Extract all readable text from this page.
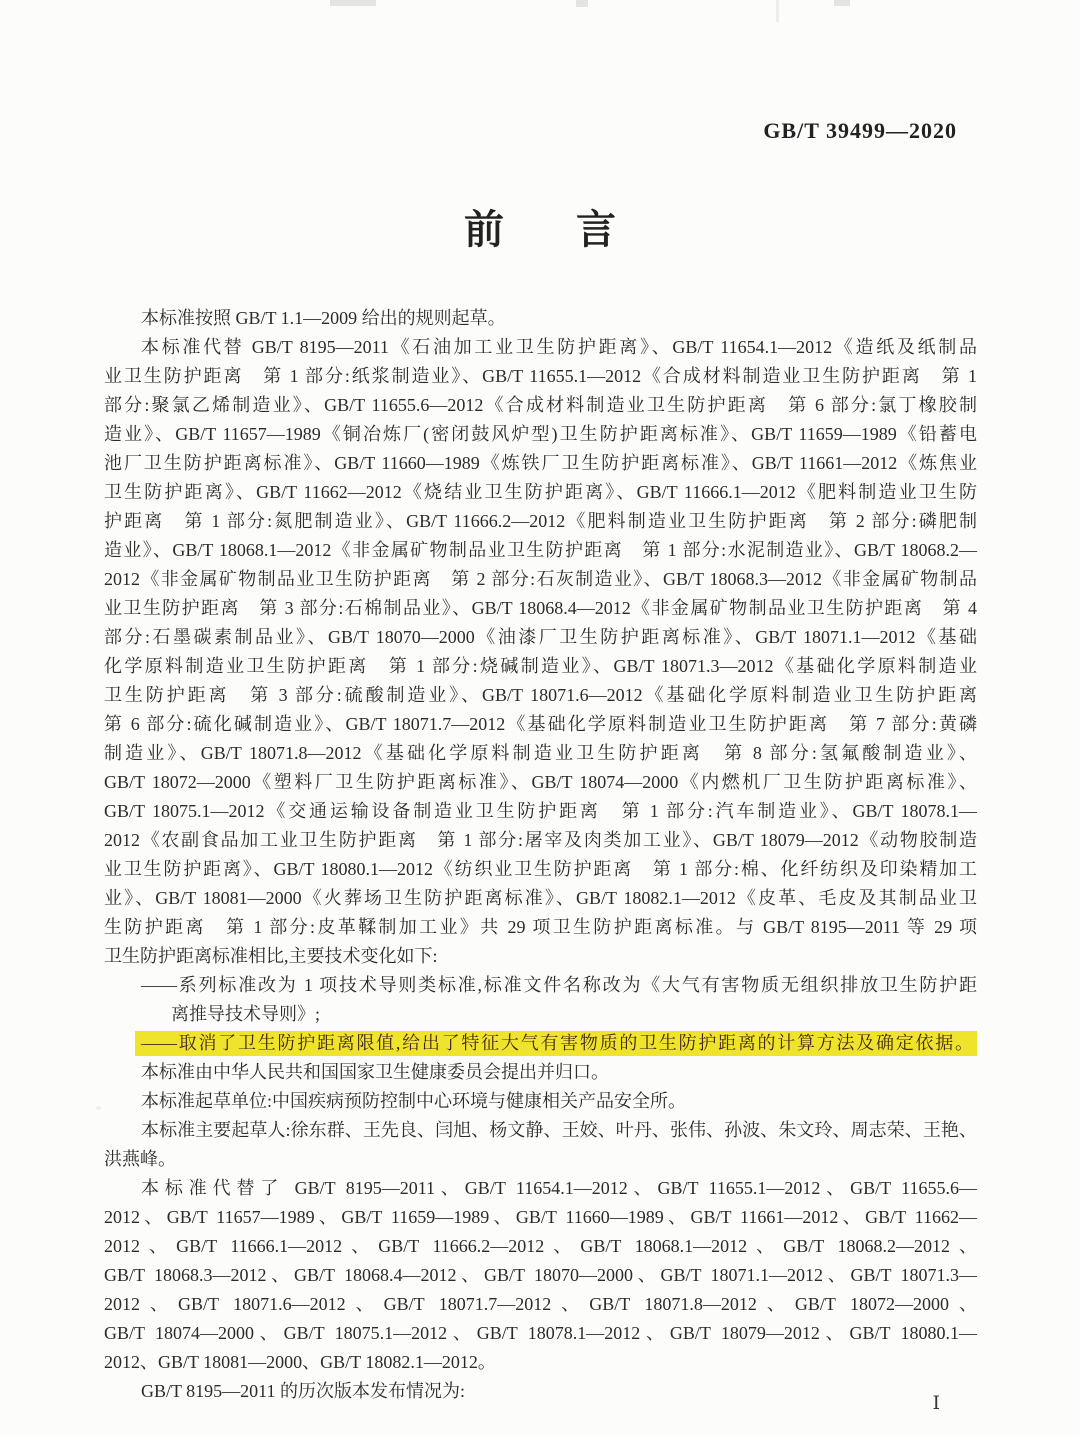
GB/T 39499—2020
前　言
本标准按照 GB/T 1.1—2009 给出的规则起草。
本标准代替 GB/T 8195—2011《石油加工业卫生防护距离》、GB/T 11654.1—2012《造纸及纸制品
业卫生防护距离　第 1 部分:纸浆制造业》、GB/T 11655.1—2012《合成材料制造业卫生防护距离　第 1
部分:聚氯乙烯制造业》、GB/T 11655.6—2012《合成材料制造业卫生防护距离　第 6 部分:氯丁橡胶制
造业》、GB/T 11657—1989《铜冶炼厂(密闭鼓风炉型)卫生防护距离标准》、GB/T 11659—1989《铅蓄电
池厂卫生防护距离标准》、GB/T 11660—1989《炼铁厂卫生防护距离标准》、GB/T 11661—2012《炼焦业
卫生防护距离》、GB/T 11662—2012《烧结业卫生防护距离》、GB/T 11666.1—2012《肥料制造业卫生防
护距离　第 1 部分:氮肥制造业》、GB/T 11666.2—2012《肥料制造业卫生防护距离　第 2 部分:磷肥制
造业》、GB/T 18068.1—2012《非金属矿物制品业卫生防护距离　第 1 部分:水泥制造业》、GB/T 18068.2—
2012《非金属矿物制品业卫生防护距离　第 2 部分:石灰制造业》、GB/T 18068.3—2012《非金属矿物制品
业卫生防护距离　第 3 部分:石棉制品业》、GB/T 18068.4—2012《非金属矿物制品业卫生防护距离　第 4
部分:石墨碳素制品业》、GB/T 18070—2000《油漆厂卫生防护距离标准》、GB/T 18071.1—2012《基础
化学原料制造业卫生防护距离　第 1 部分:烧碱制造业》、GB/T 18071.3—2012《基础化学原料制造业
卫生防护距离　第 3 部分:硫酸制造业》、GB/T 18071.6—2012《基础化学原料制造业卫生防护距离
第 6 部分:硫化碱制造业》、GB/T 18071.7—2012《基础化学原料制造业卫生防护距离　第 7 部分:黄磷
制造业》、GB/T 18071.8—2012《基础化学原料制造业卫生防护距离　第 8 部分:氢氟酸制造业》、
GB/T 18072—2000《塑料厂卫生防护距离标准》、GB/T 18074—2000《内燃机厂卫生防护距离标准》、
GB/T 18075.1—2012《交通运输设备制造业卫生防护距离　第 1 部分:汽车制造业》、GB/T 18078.1—
2012《农副食品加工业卫生防护距离　第 1 部分:屠宰及肉类加工业》、GB/T 18079—2012《动物胶制造
业卫生防护距离》、GB/T 18080.1—2012《纺织业卫生防护距离　第 1 部分:棉、化纤纺织及印染精加工
业》、GB/T 18081—2000《火葬场卫生防护距离标准》、GB/T 18082.1—2012《皮革、毛皮及其制品业卫
生防护距离　第 1 部分:皮革鞣制加工业》共 29 项卫生防护距离标准。与 GB/T 8195—2011 等 29 项
卫生防护距离标准相比,主要技术变化如下:
——系列标准改为 1 项技术导则类标准,标准文件名称改为《大气有害物质无组织排放卫生防护距
离推导技术导则》;
——取消了卫生防护距离限值,给出了特征大气有害物质的卫生防护距离的计算方法及确定依据。
本标准由中华人民共和国国家卫生健康委员会提出并归口。
本标准起草单位:中国疾病预防控制中心环境与健康相关产品安全所。
本标准主要起草人:徐东群、王先良、闫旭、杨文静、王姣、叶丹、张伟、孙波、朱文玲、周志荣、王艳、
洪燕峰。
本标准代替了 GB/T 8195—2011、GB/T 11654.1—2012、GB/T 11655.1—2012、GB/T 11655.6—
2012、GB/T 11657—1989、GB/T 11659—1989、GB/T 11660—1989、GB/T 11661—2012、GB/T 11662—
2012、GB/T 11666.1—2012、GB/T 11666.2—2012、GB/T 18068.1—2012、GB/T 18068.2—2012、
GB/T 18068.3—2012、GB/T 18068.4—2012、GB/T 18070—2000、GB/T 18071.1—2012、GB/T 18071.3—
2012、GB/T 18071.6—2012、GB/T 18071.7—2012、GB/T 18071.8—2012、GB/T 18072—2000、
GB/T 18074—2000、GB/T 18075.1—2012、GB/T 18078.1—2012、GB/T 18079—2012、GB/T 18080.1—
2012、GB/T 18081—2000、GB/T 18082.1—2012。
GB/T 8195—2011 的历次版本发布情况为:
Ⅰ
